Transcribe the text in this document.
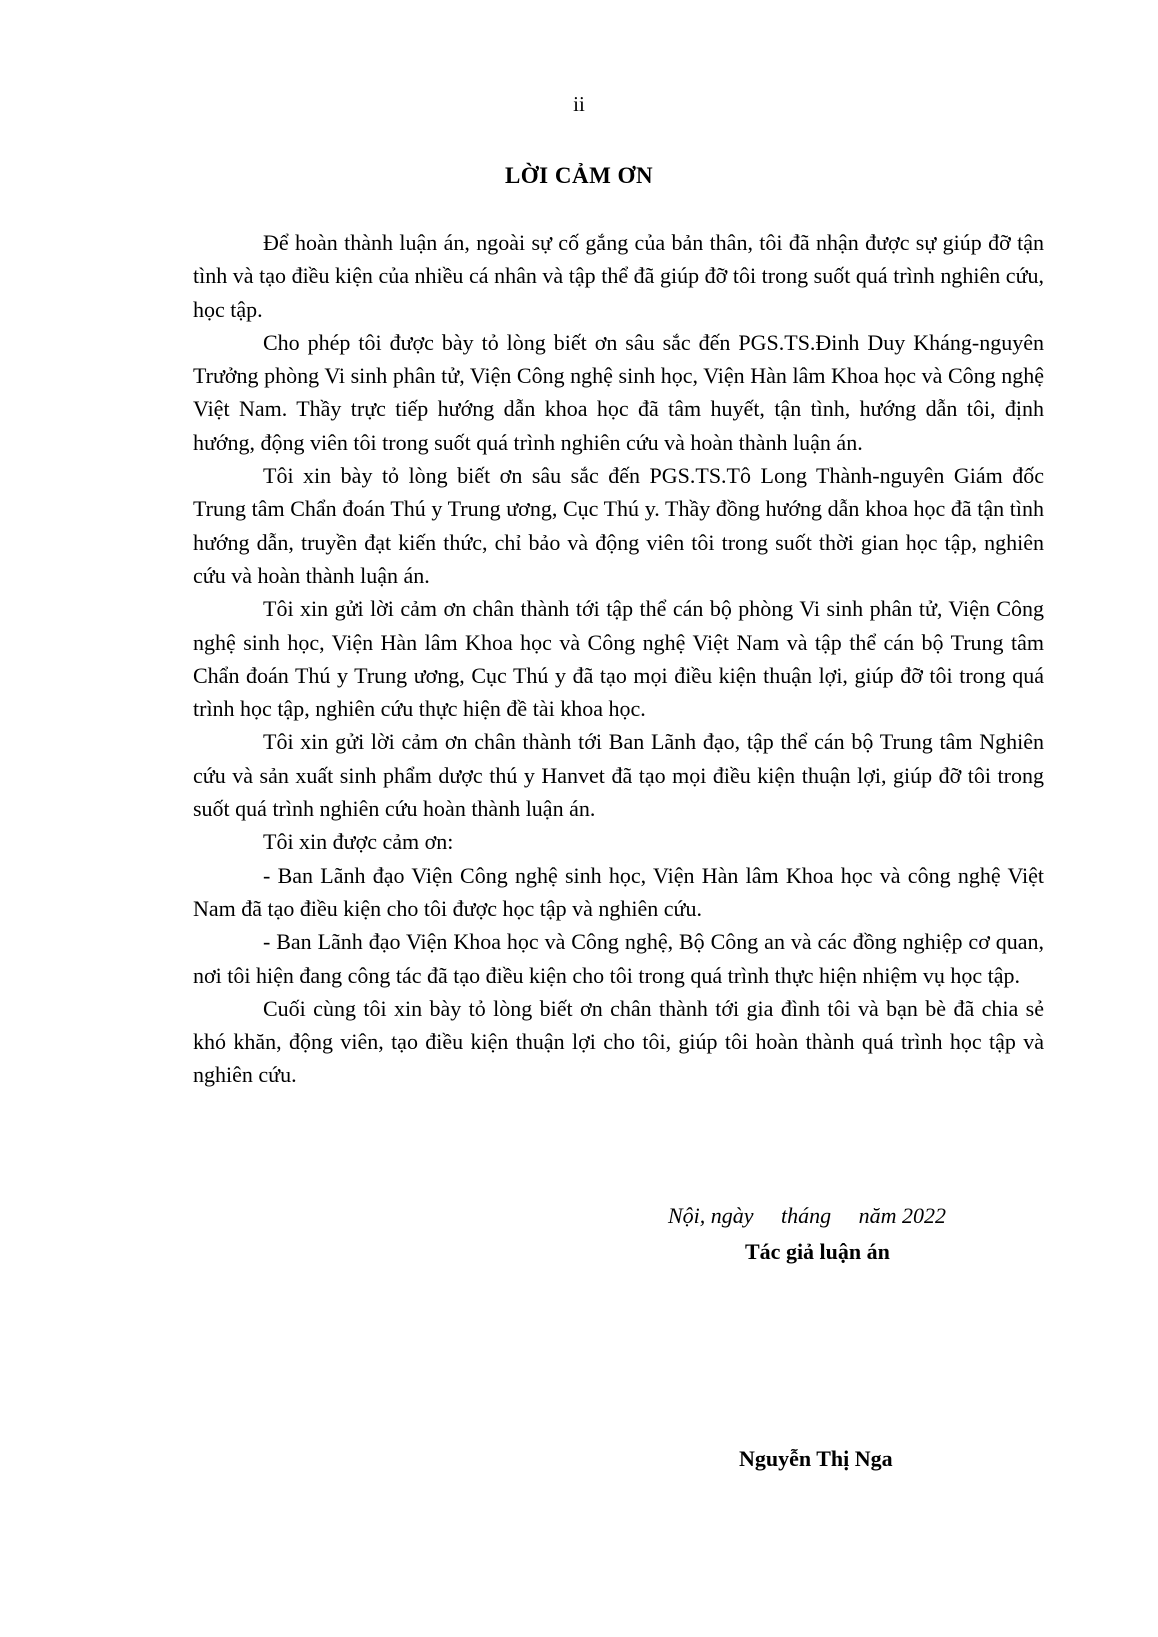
ii
LỜI CẢM ƠN

Để hoàn thành luận án, ngoài sự cố gắng của bản thân, tôi đã nhận được sự giúp đỡ tận tình và tạo điều kiện của nhiều cá nhân và tập thể đã giúp đỡ tôi trong suốt quá trình nghiên cứu, học tập.

Cho phép tôi được bày tỏ lòng biết ơn sâu sắc đến PGS.TS.Đinh Duy Kháng-nguyên Trưởng phòng Vi sinh phân tử, Viện Công nghệ sinh học, Viện Hàn lâm Khoa học và Công nghệ Việt Nam. Thầy trực tiếp hướng dẫn khoa học đã tâm huyết, tận tình, hướng dẫn tôi, định hướng, động viên tôi trong suốt quá trình nghiên cứu và hoàn thành luận án.

Tôi xin bày tỏ lòng biết ơn sâu sắc đến PGS.TS.Tô Long Thành-nguyên Giám đốc Trung tâm Chẩn đoán Thú y Trung ương, Cục Thú y. Thầy đồng hướng dẫn khoa học đã tận tình hướng dẫn, truyền đạt kiến thức, chỉ bảo và động viên tôi trong suốt thời gian học tập, nghiên cứu và hoàn thành luận án.

Tôi xin gửi lời cảm ơn chân thành tới tập thể cán bộ phòng Vi sinh phân tử, Viện Công nghệ sinh học, Viện Hàn lâm Khoa học và Công nghệ Việt Nam và tập thể cán bộ Trung tâm Chẩn đoán Thú y Trung ương, Cục Thú y đã tạo mọi điều kiện thuận lợi, giúp đỡ tôi trong quá trình học tập, nghiên cứu thực hiện đề tài khoa học.

Tôi xin gửi lời cảm ơn chân thành tới Ban Lãnh đạo, tập thể cán bộ Trung tâm Nghiên cứu và sản xuất sinh phẩm dược thú y Hanvet đã tạo mọi điều kiện thuận lợi, giúp đỡ tôi trong suốt quá trình nghiên cứu hoàn thành luận án.

Tôi xin được cảm ơn:

- Ban Lãnh đạo Viện Công nghệ sinh học, Viện Hàn lâm Khoa học và công nghệ Việt Nam đã tạo điều kiện cho tôi được học tập và nghiên cứu.

- Ban Lãnh đạo Viện Khoa học và Công nghệ, Bộ Công an và các đồng nghiệp cơ quan, nơi tôi hiện đang công tác đã tạo điều kiện cho tôi trong quá trình thực hiện nhiệm vụ học tập.

Cuối cùng tôi xin bày tỏ lòng biết ơn chân thành tới gia đình tôi và bạn bè đã chia sẻ khó khăn, động viên, tạo điều kiện thuận lợi cho tôi, giúp tôi hoàn thành quá trình học tập và nghiên cứu.

Nội, ngày     tháng     năm 2022
Tác giả luận án
Nguyễn Thị Nga
